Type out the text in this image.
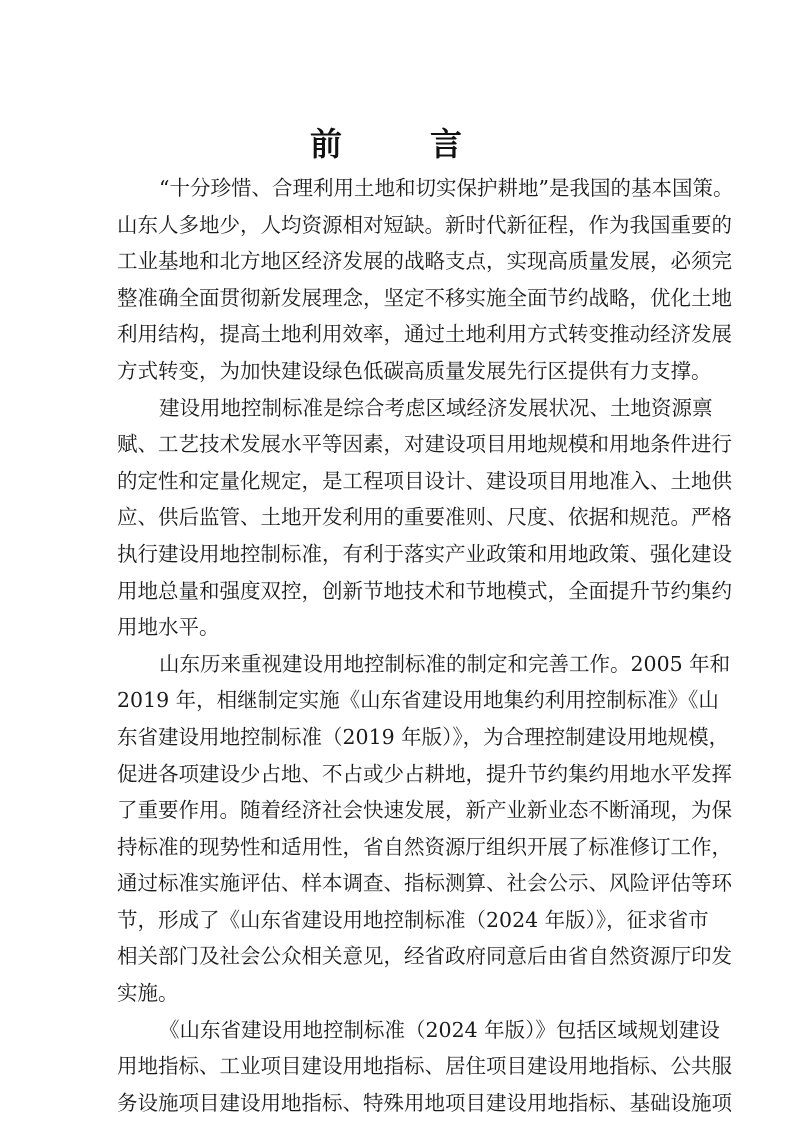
前　言
“十分珍惜、合理利用土地和切实保护耕地”是我国的基本国策。
山东人多地少，人均资源相对短缺。新时代新征程，作为我国重要的
工业基地和北方地区经济发展的战略支点，实现高质量发展，必须完
整准确全面贯彻新发展理念，坚定不移实施全面节约战略，优化土地
利用结构，提高土地利用效率，通过土地利用方式转变推动经济发展
方式转变，为加快建设绿色低碳高质量发展先行区提供有力支撑。
建设用地控制标准是综合考虑区域经济发展状况、土地资源禀
赋、工艺技术发展水平等因素，对建设项目用地规模和用地条件进行
的定性和定量化规定，是工程项目设计、建设项目用地准入、土地供
应、供后监管、土地开发利用的重要准则、尺度、依据和规范。严格
执行建设用地控制标准，有利于落实产业政策和用地政策、强化建设
用地总量和强度双控，创新节地技术和节地模式，全面提升节约集约
用地水平。
山东历来重视建设用地控制标准的制定和完善工作。2005 年和
2019 年，相继制定实施《山东省建设用地集约利用控制标准》《山
东省建设用地控制标准（2019 年版）》，为合理控制建设用地规模，
促进各项建设少占地、不占或少占耕地，提升节约集约用地水平发挥
了重要作用。随着经济社会快速发展，新产业新业态不断涌现，为保
持标准的现势性和适用性，省自然资源厅组织开展了标准修订工作，
通过标准实施评估、样本调查、指标测算、社会公示、风险评估等环
节，形成了《山东省建设用地控制标准（2024 年版）》，征求省市
相关部门及社会公众相关意见，经省政府同意后由省自然资源厅印发
实施。
《山东省建设用地控制标准（2024 年版）》包括区域规划建设
用地指标、工业项目建设用地指标、居住项目建设用地指标、公共服
务设施项目建设用地指标、特殊用地项目建设用地指标、基础设施项
